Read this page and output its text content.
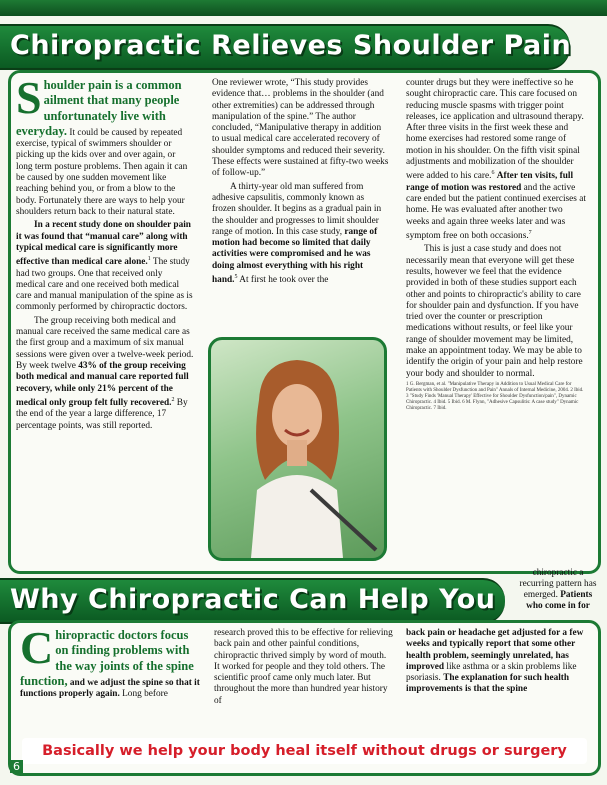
Chiropractic Relieves Shoulder Pain

S houlder pain is a common ailment that many people unfortunately live with everyday. It could be caused by repeated exercise, typical of swimmers shoulder or picking up the kids over and over again, or long term posture problems. Then again it can be caused by one sudden movement like reaching behind you, or from a blow to the body. Fortunately there are ways to help your shoulders return back to their natural state.

In a recent study done on shoulder pain it was found that “manual care” along with typical medical care is significantly more effective than medical care alone.$^1$ The study had two groups. One that received only medical care and one received both medical care and manual manipulation of the spine as is commonly performed by chiropractic doctors.

The group receiving both medical and manual care received the same medical care as the first group and a maximum of six manual sessions were given over a twelve-week period. By week twelve 43% of the group receiving both medical and manual care reported full recovery, while only 21% percent of the medical only group felt fully recovered.$^2$ By the end of the year a large difference, 17 percentage points, was still reported.

One reviewer wrote, “This study provides evidence that… problems in the shoulder (and other extremities) can be addressed through manipulation of the spine.” The author concluded, “Manipulative therapy in addition to usual medical care accelerated recovery of shoulder symptoms and reduced their severity. These effects were sustained at fifty-two weeks of follow-up.”

A thirty-year old man suffered from adhesive capsulitis, commonly known as frozen shoulder. It begins as a gradual pain in the shoulder and progresses to limit shoulder range of motion. In this case study, range of motion had become so limited that daily activities were compromised and he was doing almost everything with his right hand.$^5$ At first he took over the

counter drugs but they were ineffective so he sought chiropractic care. This care focused on reducing muscle spasms with trigger point releases, ice application and ultrasound therapy. After three visits in the first week these and home exercises had restored some range of motion in his shoulder. On the fifth visit spinal adjustments and mobilization of the shoulder were added to his care.$^6$ After ten visits, full range of motion was restored and the active care ended but the patient continued exercises at home. He was evaluated after another two weeks and again three weeks later and was symptom free on both occasions.$^7$

This is just a case study and does not necessarily mean that everyone will get these results, however we feel that the evidence provided in both of these studies support each other and points to chiropractic's ability to care for shoulder pain and dysfunction. If you have tried over the counter or prescription medications without results, or feel like your range of shoulder movement may be limited, make an appointment today. We may be able to identify the origin of your pain and help restore your body and shoulder to normal.

1 G. Bergman, et al. "Manipulative Therapy in Addition to Usual Medical Care for Patients with Shoulder Dysfunction and Pain" Annals of Internal Medicine, 2004. 2 Ibid. 3 "Study Finds 'Manual Therapy' Effective for Shoulder Dysfunction/pain", Dynamic Chiropractic. 4 Ibid. 5 Ibid. 6 M. Flynn, "Adhesive Capsulitis: A case study" Dynamic Chiropractic. 7 Ibid.

Why Chiropractic Can Help You
chiropractic a recurring pattern has emerged. Patients who come in for

C hiropractic doctors focus on finding problems with the way joints of the spine function, and we adjust the spine so that it functions properly again. Long before

research proved this to be effective for relieving back pain and other painful conditions, chiropractic thrived simply by word of mouth. It worked for people and they told others. The scientific proof came only much later. But throughout the more than hundred year history of

back pain or headache get adjusted for a few weeks and typically report that some other health problem, seemingly unrelated, has improved like asthma or a skin problems like psoriasis. The explanation for such health improvements is that the spine

Basically we help your body heal itself without drugs or surgery
6
